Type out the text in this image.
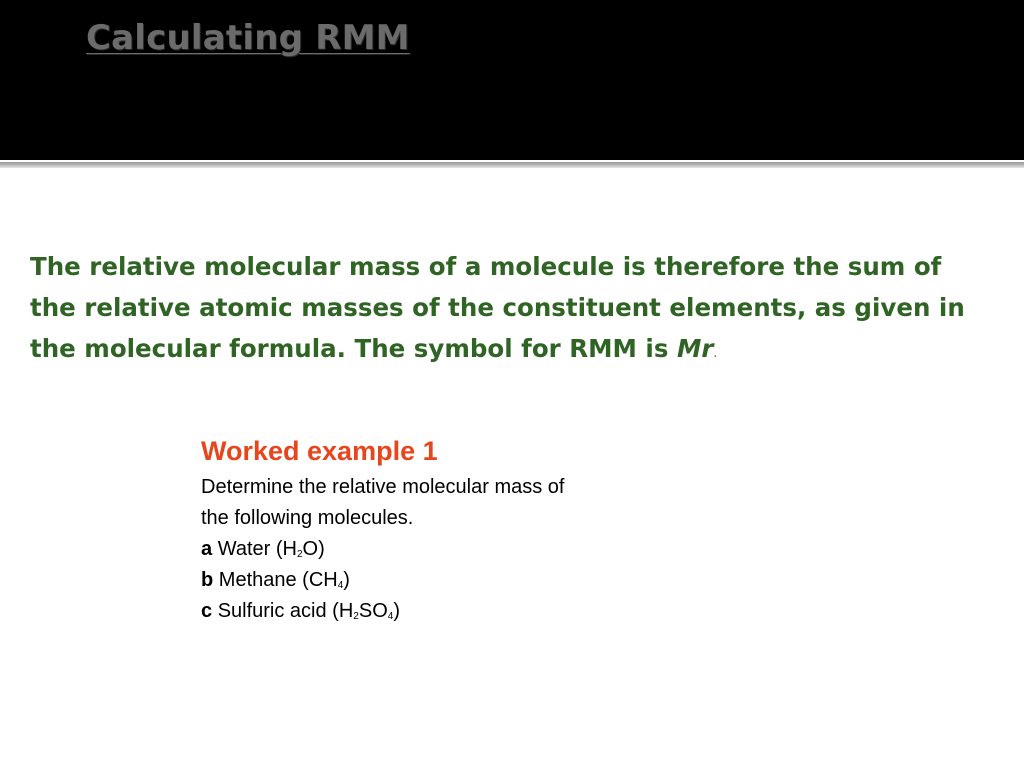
Calculating RMM

The relative molecular mass of a molecule is therefore the sum of the relative atomic masses of the constituent elements, as given in the molecular formula. The symbol for RMM is Mr.

Worked example 1

Determine the relative molecular mass of

the following molecules.

a Water $(H_2O)$

b Methane $(CH_4)$

c Sulfuric acid $(H_2SO_4)$
